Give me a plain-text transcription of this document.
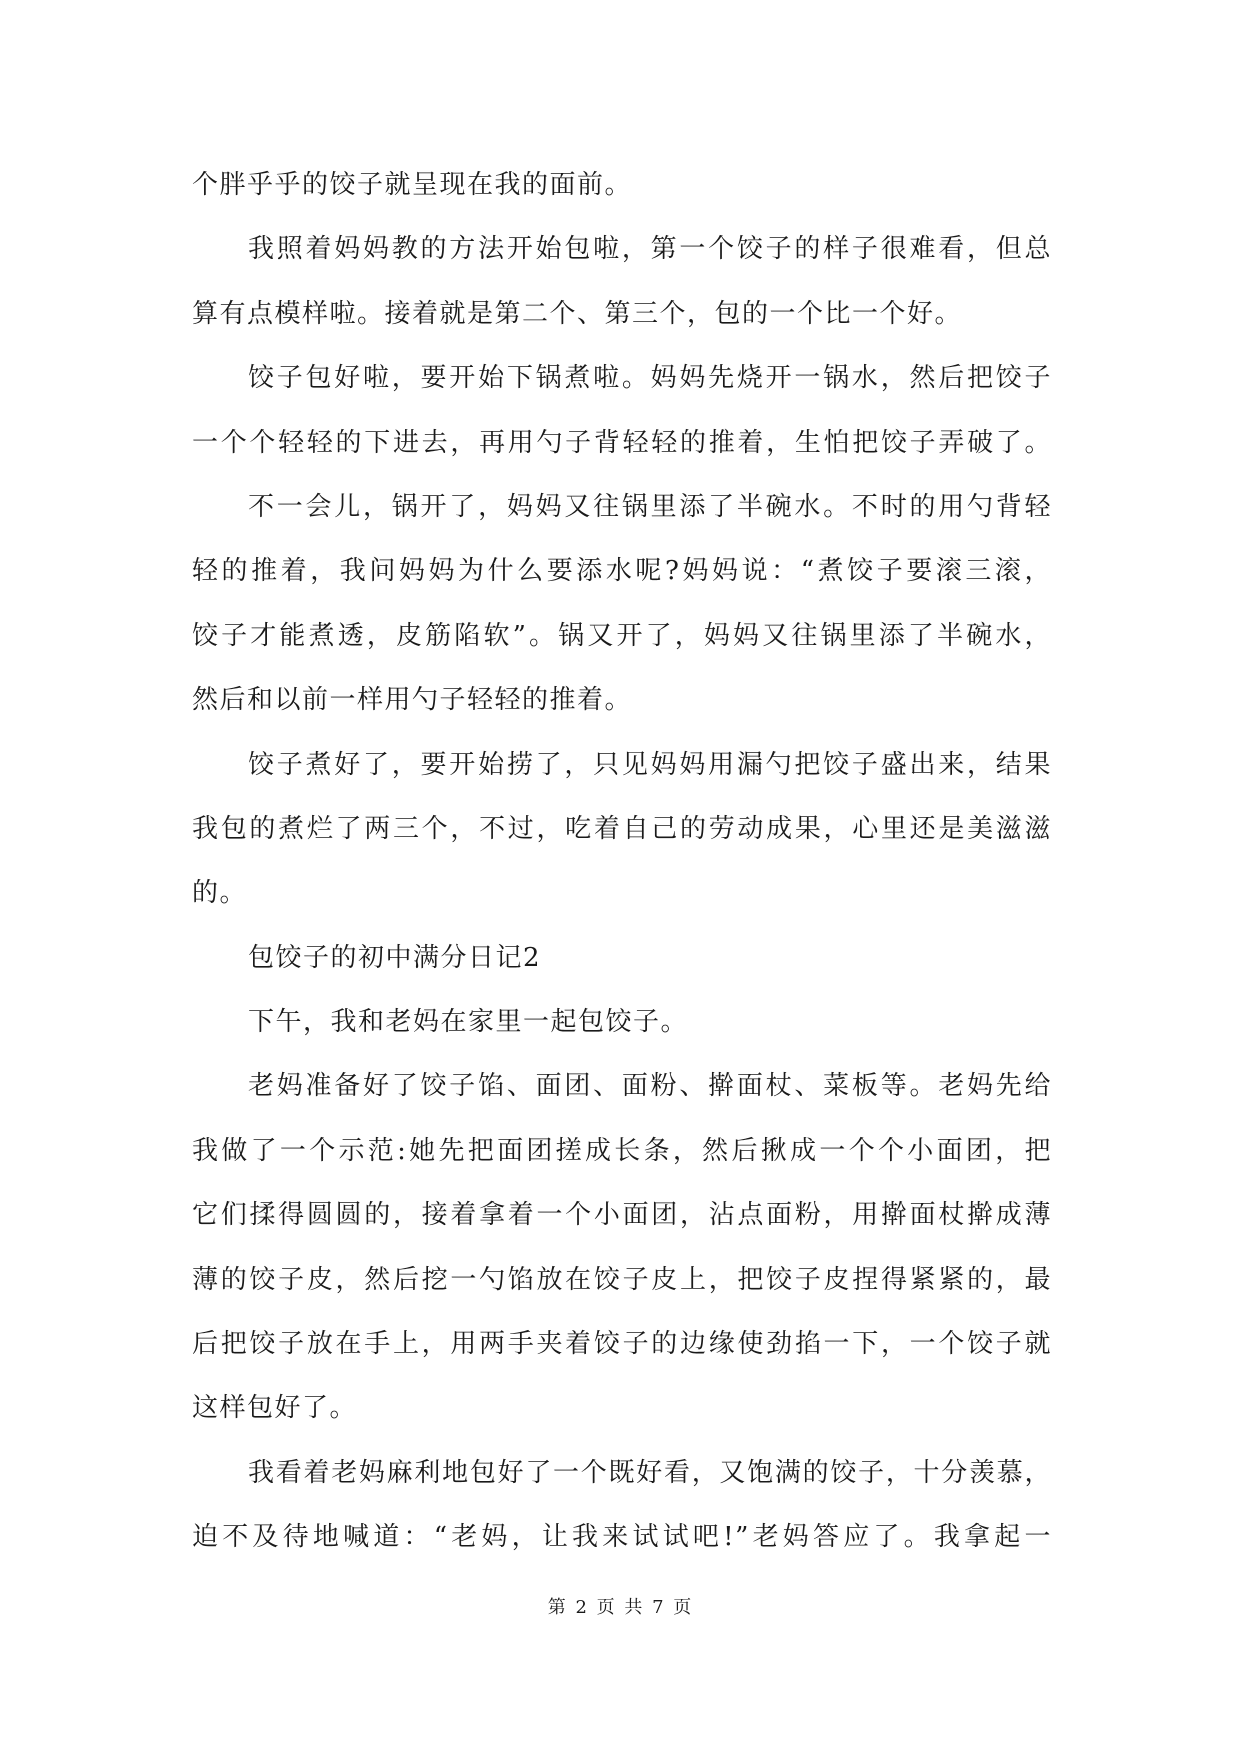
个胖乎乎的饺子就呈现在我的面前。
我照着妈妈教的方法开始包啦，第一个饺子的样子很难看，但总
算有点模样啦。接着就是第二个、第三个，包的一个比一个好。
饺子包好啦，要开始下锅煮啦。妈妈先烧开一锅水，然后把饺子
一个个轻轻的下进去，再用勺子背轻轻的推着，生怕把饺子弄破了。
不一会儿，锅开了，妈妈又往锅里添了半碗水。不时的用勺背轻
轻的推着，我问妈妈为什么要添水呢?妈妈说：“煮饺子要滚三滚，
饺子才能煮透，皮筋陷软”。锅又开了，妈妈又往锅里添了半碗水，
然后和以前一样用勺子轻轻的推着。
饺子煮好了，要开始捞了，只见妈妈用漏勺把饺子盛出来，结果
我包的煮烂了两三个，不过，吃着自己的劳动成果，心里还是美滋滋
的。
包饺子的初中满分日记2
下午，我和老妈在家里一起包饺子。
老妈准备好了饺子馅、面团、面粉、擀面杖、菜板等。老妈先给
我做了一个示范:她先把面团搓成长条，然后揪成一个个小面团，把
它们揉得圆圆的，接着拿着一个小面团，沾点面粉，用擀面杖擀成薄
薄的饺子皮，然后挖一勺馅放在饺子皮上，把饺子皮捏得紧紧的，最
后把饺子放在手上，用两手夹着饺子的边缘使劲掐一下，一个饺子就
这样包好了。
我看着老妈麻利地包好了一个既好看，又饱满的饺子，十分羡慕，
迫不及待地喊道：“老妈，让我来试试吧!”老妈答应了。我拿起一
第 2 页 共 7 页
